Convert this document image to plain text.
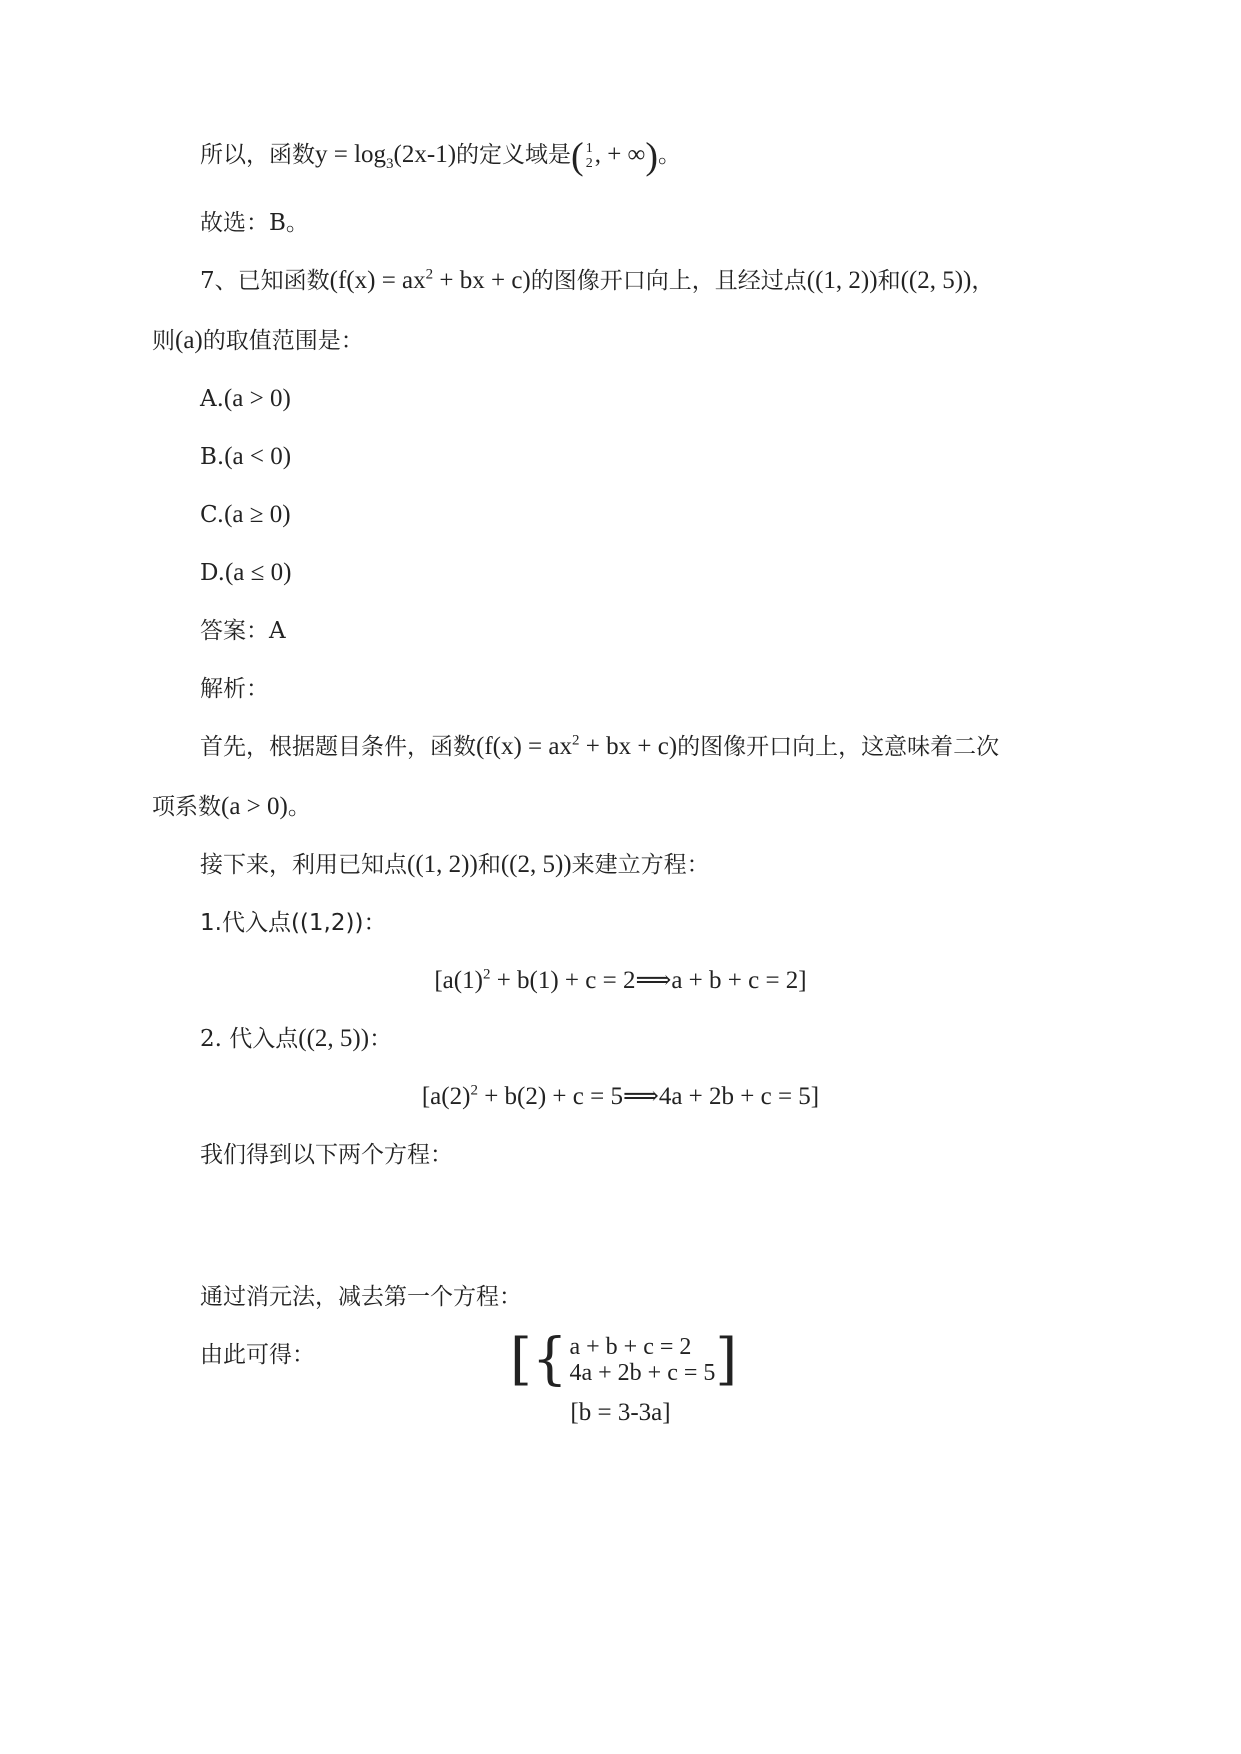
所以，函数$y = \log_3(2x-1)$的定义域是( 1
2 , + ∞)。
故选：B。
7、已知函数($f(x) = ax^2$ + bx + c)的图像开口向上，且经过点((1, 2))和((2, 5))，
则(a)的取值范围是：
A.(a > 0)
B.(a < 0)
C.(a ≥ 0)
D.(a ≤ 0)
答案：A
解析：
首先，根据题目条件，函数($f(x) = ax^2$ + bx + c)的图像开口向上，这意味着二次
项系数(a > 0)。
接下来，利用已知点((1, 2))和((2, 5))来建立方程：
1.代入点((1,2))：
[$a(1)^2 + b(1) + c$ = 2⟹a + b + c = 2]
2. 代入点((2, 5))：
[$a(2)^2 + b(2) + c$ = 5⟹4a + 2b + c = 5]
我们得到以下两个方程：
[{ a + b + c = 2
4a + 2b + c = 5 ]
通过消元法，减去第一个方程：
由此可得：
[b = 3-3a]
